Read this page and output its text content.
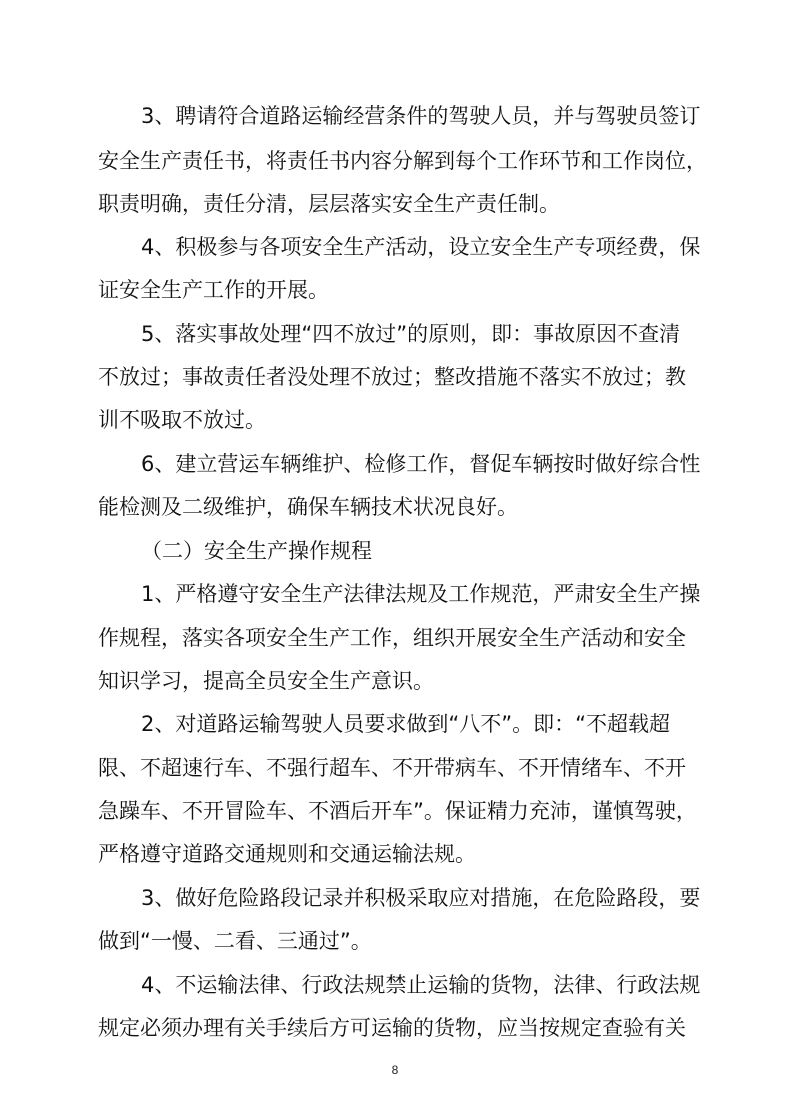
3、聘请符合道路运输经营条件的驾驶人员，并与驾驶员签订
安全生产责任书，将责任书内容分解到每个工作环节和工作岗位，
职责明确，责任分清，层层落实安全生产责任制。
4、积极参与各项安全生产活动，设立安全生产专项经费，保
证安全生产工作的开展。
5、落实事故处理“四不放过”的原则，即：事故原因不查清
不放过；事故责任者没处理不放过；整改措施不落实不放过；教
训不吸取不放过。
6、建立营运车辆维护、检修工作，督促车辆按时做好综合性
能检测及二级维护，确保车辆技术状况良好。
（二）安全生产操作规程
1、严格遵守安全生产法律法规及工作规范，严肃安全生产操
作规程，落实各项安全生产工作，组织开展安全生产活动和安全
知识学习，提高全员安全生产意识。
2、对道路运输驾驶人员要求做到“八不”。即：“不超载超
限、不超速行车、不强行超车、不开带病车、不开情绪车、不开
急躁车、不开冒险车、不酒后开车”。保证精力充沛，谨慎驾驶，
严格遵守道路交通规则和交通运输法规。
3、做好危险路段记录并积极采取应对措施，在危险路段，要
做到“一慢、二看、三通过”。
4、不运输法律、行政法规禁止运输的货物，法律、行政法规
规定必须办理有关手续后方可运输的货物，应当按规定查验有关
8
